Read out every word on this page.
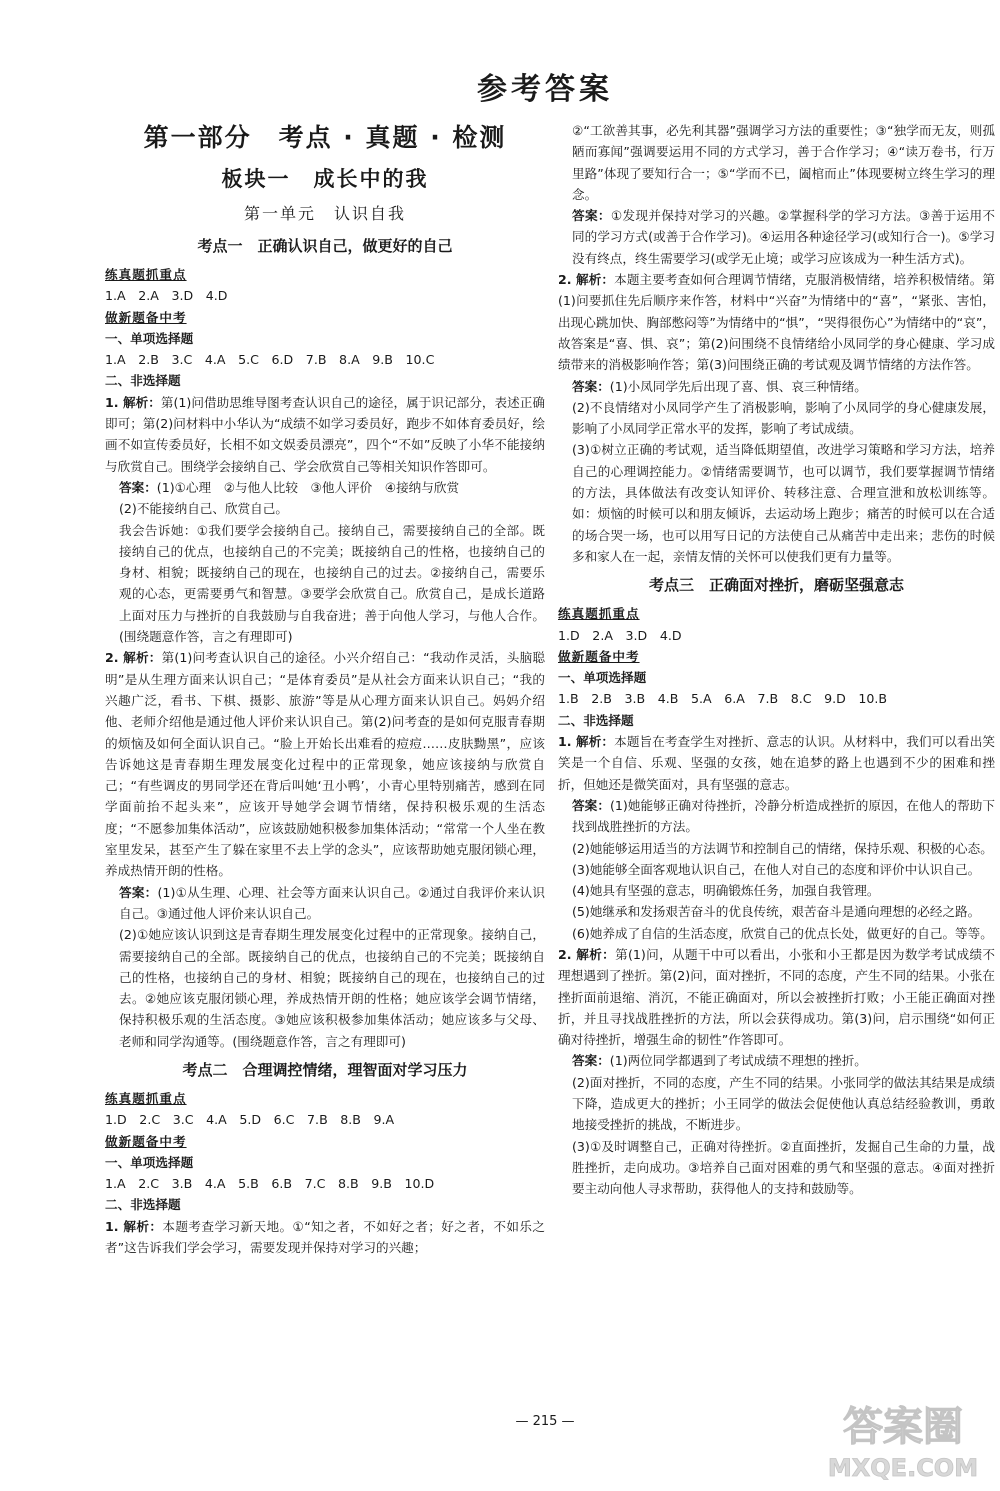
参考答案
第一部分　考点 · 真题 · 检测
板块一　成长中的我
第一单元　认识自我
考点一　正确认识自己，做更好的自己

练真题抓重点

1.A　2.A　3.D　4.D

做新题备中考

一、单项选择题

1.A　2.B　3.C　4.A　5.C　6.D　7.B　8.A　9.B　10.C

二、非选择题

1. 解析：第(1)问借助思维导图考查认识自己的途径，属于识记部分，表述正确即可；第(2)问材料中小华认为“成绩不如学习委员好，跑步不如体育委员好，绘画不如宣传委员好，长相不如文娱委员漂亮”，四个“不如”反映了小华不能接纳与欣赏自己。围绕学会接纳自己、学会欣赏自己等相关知识作答即可。

答案：(1)①心理　②与他人比较　③他人评价　④接纳与欣赏

(2)不能接纳自己、欣赏自己。

我会告诉她：①我们要学会接纳自己。接纳自己，需要接纳自己的全部。既接纳自己的优点，也接纳自己的不完美；既接纳自己的性格，也接纳自己的身材、相貌；既接纳自己的现在，也接纳自己的过去。②接纳自己，需要乐观的心态，更需要勇气和智慧。③要学会欣赏自己。欣赏自己，是成长道路上面对压力与挫折的自我鼓励与自我奋进；善于向他人学习，与他人合作。(围绕题意作答，言之有理即可)

2. 解析：第(1)问考查认识自己的途径。小兴介绍自己：“我动作灵活，头脑聪明”是从生理方面来认识自己；“是体育委员”是从社会方面来认识自己；“我的兴趣广泛，看书、下棋、摄影、旅游”等是从心理方面来认识自己。妈妈介绍他、老师介绍他是通过他人评价来认识自己。第(2)问考查的是如何克服青春期的烦恼及如何全面认识自己。“脸上开始长出难看的痘痘……皮肤黝黑”，应该告诉她这是青春期生理发展变化过程中的正常现象，她应该接纳与欣赏自己；“有些调皮的男同学还在背后叫她‘丑小鸭’，小青心里特别痛苦，感到在同学面前抬不起头来”，应该开导她学会调节情绪，保持积极乐观的生活态度；“不愿参加集体活动”，应该鼓励她积极参加集体活动；“常常一个人坐在教室里发呆，甚至产生了躲在家里不去上学的念头”，应该帮助她克服闭锁心理，养成热情开朗的性格。

答案：(1)①从生理、心理、社会等方面来认识自己。②通过自我评价来认识自己。③通过他人评价来认识自己。

(2)①她应该认识到这是青春期生理发展变化过程中的正常现象。接纳自己，需要接纳自己的全部。既接纳自己的优点，也接纳自己的不完美；既接纳自己的性格，也接纳自己的身材、相貌；既接纳自己的现在，也接纳自己的过去。②她应该克服闭锁心理，养成热情开朗的性格；她应该学会调节情绪，保持积极乐观的生活态度。③她应该积极参加集体活动；她应该多与父母、老师和同学沟通等。(围绕题意作答，言之有理即可)

考点二　合理调控情绪，理智面对学习压力

练真题抓重点

1.D　2.C　3.C　4.A　5.D　6.C　7.B　8.B　9.A

做新题备中考

一、单项选择题

1.A　2.C　3.B　4.A　5.B　6.B　7.C　8.B　9.B　10.D

二、非选择题

1. 解析：本题考查学习新天地。①“知之者，不如好之者；好之者，不如乐之者”这告诉我们学会学习，需要发现并保持对学习的兴趣；

②“工欲善其事，必先利其器”强调学习方法的重要性；③“独学而无友，则孤陋而寡闻”强调要运用不同的方式学习，善于合作学习；④“读万卷书，行万里路”体现了要知行合一；⑤“学而不已，阖棺而止”体现要树立终生学习的理念。

答案：①发现并保持对学习的兴趣。②掌握科学的学习方法。③善于运用不同的学习方式(或善于合作学习)。④运用各种途径学习(或知行合一)。⑤学习没有终点，终生需要学习(或学无止境；或学习应该成为一种生活方式)。

2. 解析：本题主要考查如何合理调节情绪，克服消极情绪，培养积极情绪。第(1)问要抓住先后顺序来作答，材料中“兴奋”为情绪中的“喜”，“紧张、害怕，出现心跳加快、胸部憋闷等”为情绪中的“惧”，“哭得很伤心”为情绪中的“哀”，故答案是“喜、惧、哀”；第(2)问围绕不良情绪给小凤同学的身心健康、学习成绩带来的消极影响作答；第(3)问围绕正确的考试观及调节情绪的方法作答。

答案：(1)小凤同学先后出现了喜、惧、哀三种情绪。

(2)不良情绪对小凤同学产生了消极影响，影响了小凤同学的身心健康发展，影响了小凤同学正常水平的发挥，影响了考试成绩。

(3)①树立正确的考试观，适当降低期望值，改进学习策略和学习方法，培养自己的心理调控能力。②情绪需要调节，也可以调节，我们要掌握调节情绪的方法，具体做法有改变认知评价、转移注意、合理宣泄和放松训练等。如：烦恼的时候可以和朋友倾诉，去运动场上跑步；痛苦的时候可以在合适的场合哭一场，也可以用写日记的方法使自己从痛苦中走出来；悲伤的时候多和家人在一起，亲情友情的关怀可以使我们更有力量等。

考点三　正确面对挫折，磨砺坚强意志

练真题抓重点

1.D　2.A　3.D　4.D

做新题备中考

一、单项选择题

1.B　2.B　3.B　4.B　5.A　6.A　7.B　8.C　9.D　10.B

二、非选择题

1. 解析：本题旨在考查学生对挫折、意志的认识。从材料中，我们可以看出笑笑是一个自信、乐观、坚强的女孩，她在追梦的路上也遇到不少的困难和挫折，但她还是微笑面对，具有坚强的意志。

答案：(1)她能够正确对待挫折，冷静分析造成挫折的原因，在他人的帮助下找到战胜挫折的方法。

(2)她能够运用适当的方法调节和控制自己的情绪，保持乐观、积极的心态。

(3)她能够全面客观地认识自己，在他人对自己的态度和评价中认识自己。

(4)她具有坚强的意志，明确锻炼任务，加强自我管理。

(5)她继承和发扬艰苦奋斗的优良传统，艰苦奋斗是通向理想的必经之路。

(6)她养成了自信的生活态度，欣赏自己的优点长处，做更好的自己。等等。

2. 解析：第(1)问，从题干中可以看出，小张和小王都是因为数学考试成绩不理想遇到了挫折。第(2)问，面对挫折，不同的态度，产生不同的结果。小张在挫折面前退缩、消沉，不能正确面对，所以会被挫折打败；小王能正确面对挫折，并且寻找战胜挫折的方法，所以会获得成功。第(3)问，启示围绕“如何正确对待挫折，增强生命的韧性”作答即可。

答案：(1)两位同学都遇到了考试成绩不理想的挫折。

(2)面对挫折，不同的态度，产生不同的结果。小张同学的做法其结果是成绩下降，造成更大的挫折；小王同学的做法会促使他认真总结经验教训，勇敢地接受挫折的挑战，不断进步。

(3)①及时调整自己，正确对待挫折。②直面挫折，发掘自己生命的力量，战胜挫折，走向成功。③培养自己面对困难的勇气和坚强的意志。④面对挫折要主动向他人寻求帮助，获得他人的支持和鼓励等。

— 215 —	答案圈
MXQE.COM
